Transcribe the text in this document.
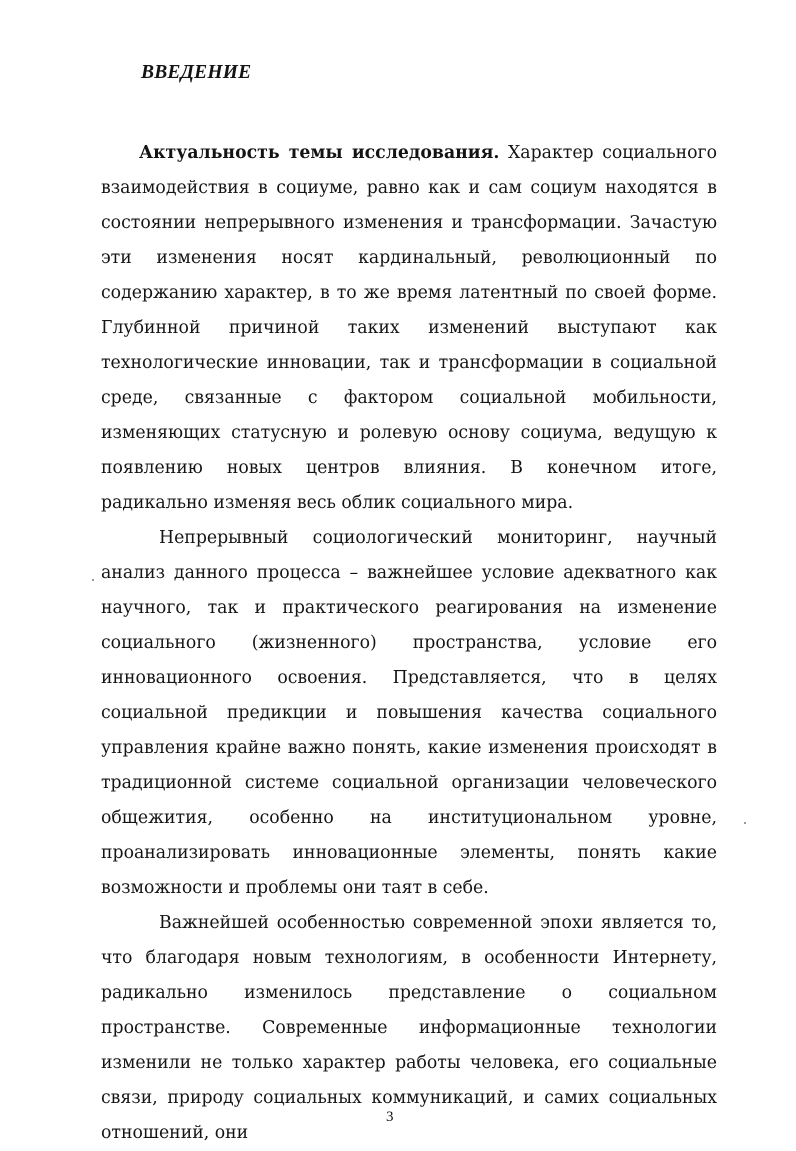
ВВЕДЕНИЕ

Актуальность темы исследования. Характер социального взаимодействия в социуме, равно как и сам социум находятся в состоянии непрерывного изменения и трансформации. Зачастую эти изменения носят кардинальный, революционный по содержанию характер, в то же время латентный по своей форме. Глубинной причиной таких изменений выступают как технологические инновации, так и трансформации в социальной среде, связанные с фактором социальной мобильности, изменяющих статусную и ролевую основу социума, ведущую к появлению новых центров влияния. В конечном итоге, радикально изменяя весь облик социального мира.

Непрерывный социологический мониторинг, научный анализ данного процесса – важнейшее условие адекватного как научного, так и практического реагирования на изменение социального (жизненного) пространства, условие его инновационного освоения. Представляется, что в целях социальной предикции и повышения качества социального управления крайне важно понять, какие изменения происходят в традиционной системе социальной организации человеческого общежития, особенно на институциональном уровне, проанализировать инновационные элементы, понять какие возможности и проблемы они таят в себе.

Важнейшей особенностью современной эпохи является то, что благодаря новым технологиям, в особенности Интернету, радикально изменилось представление о социальном пространстве. Современные информационные технологии изменили не только характер работы человека, его социальные связи, природу социальных коммуникаций, и самих социальных отношений, они

3
